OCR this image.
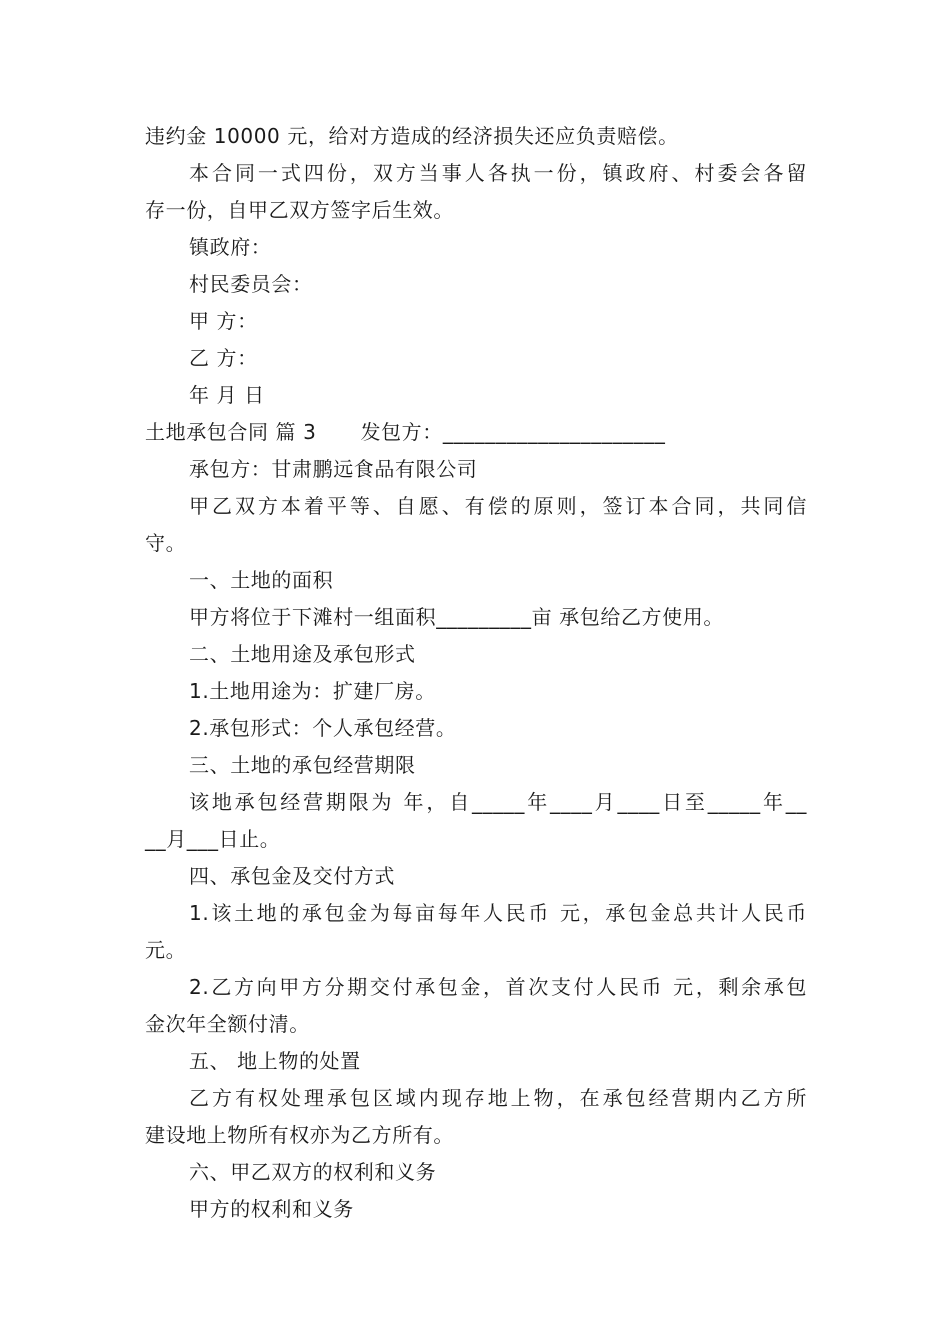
违约金 10000 元，给对方造成的经济损失还应负责赔偿。
本合同一式四份，双方当事人各执一份，镇政府、村委会各留
存一份，自甲乙双方签字后生效。
镇政府：
村民委员会：
甲 方：
乙 方：
年 月 日
土地承包合同 篇 3 发包方：_____________________
承包方：甘肃鹏远食品有限公司
甲乙双方本着平等、自愿、有偿的原则，签订本合同，共同信
守。
一、土地的面积
甲方将位于下滩村一组面积_________亩 承包给乙方使用。
二、土地用途及承包形式
1.土地用途为：扩建厂房。
2.承包形式：个人承包经营。
三、土地的承包经营期限
该地承包经营期限为 年，自_____年____月____日至_____年__
__月___日止。
四、承包金及交付方式
1.该土地的承包金为每亩每年人民币 元，承包金总共计人民币
元。
2.乙方向甲方分期交付承包金，首次支付人民币 元，剩余承包
金次年全额付清。
五、 地上物的处置
乙方有权处理承包区域内现存地上物，在承包经营期内乙方所
建设地上物所有权亦为乙方所有。
六、甲乙双方的权利和义务
甲方的权利和义务
